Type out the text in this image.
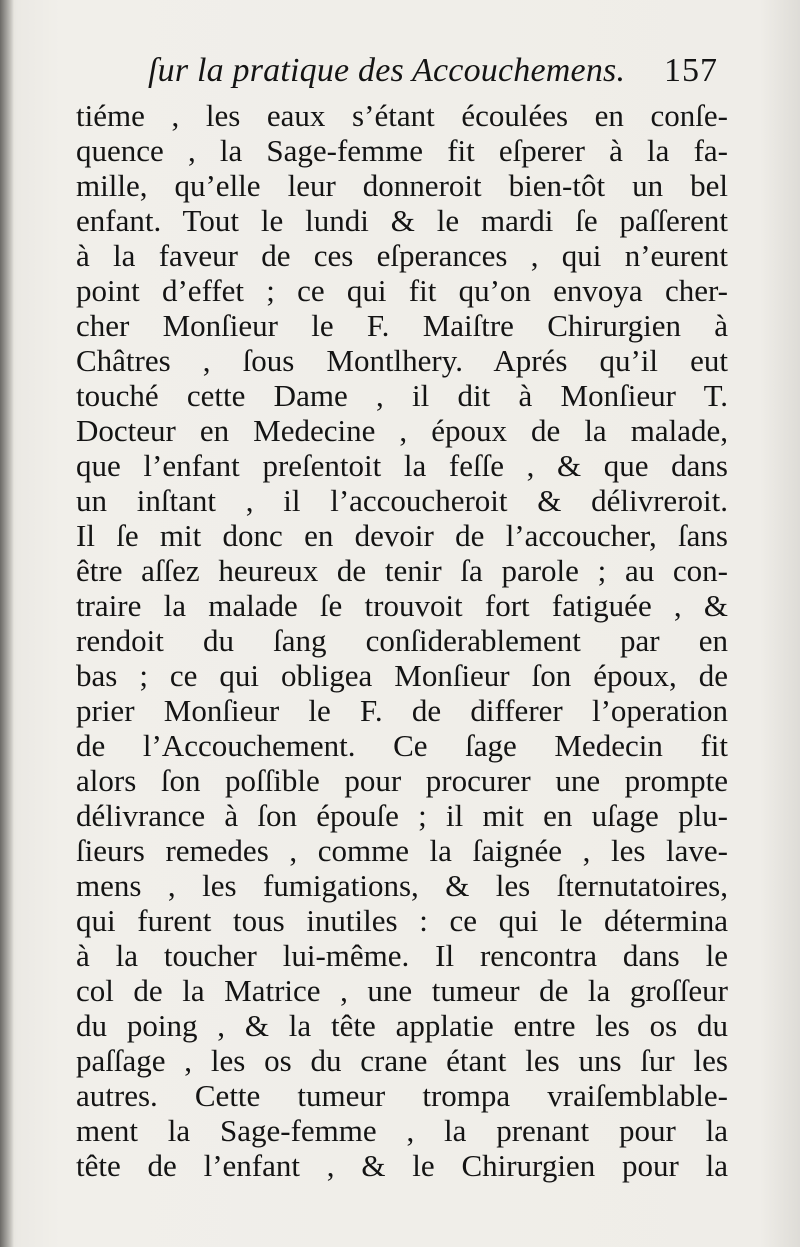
ſur la pratique des Accouchemens. 157
tiéme , les eaux s’étant écoulées en conſe-
quence , la Sage-femme fit eſperer à la fa-
mille, qu’elle leur donneroit bien-tôt un bel
enfant. Tout le lundi & le mardi ſe paſſerent
à la faveur de ces eſperances , qui n’eurent
point d’effet ; ce qui fit qu’on envoya cher-
cher Monſieur le F. Maiſtre Chirurgien à
Châtres , ſous Montlhery. Aprés qu’il eut
touché cette Dame , il dit à Monſieur T.
Docteur en Medecine , époux de la malade,
que l’enfant preſentoit la feſſe , & que dans
un inſtant , il l’accoucheroit & délivreroit.
Il ſe mit donc en devoir de l’accoucher, ſans
être aſſez heureux de tenir ſa parole ; au con-
traire la malade ſe trouvoit fort fatiguée , &
rendoit du ſang conſiderablement par en
bas ; ce qui obligea Monſieur ſon époux, de
prier Monſieur le F. de differer l’operation
de l’Accouchement. Ce ſage Medecin fit
alors ſon poſſible pour procurer une prompte
délivrance à ſon épouſe ; il mit en uſage plu-
ſieurs remedes , comme la ſaignée , les lave-
mens , les fumigations, & les ſternutatoires,
qui furent tous inutiles : ce qui le détermina
à la toucher lui-même. Il rencontra dans le
col de la Matrice , une tumeur de la groſſeur
du poing , & la tête applatie entre les os du
paſſage , les os du crane étant les uns ſur les
autres. Cette tumeur trompa vraiſemblable-
ment la Sage-femme , la prenant pour la
tête de l’enfant , & le Chirurgien pour la
